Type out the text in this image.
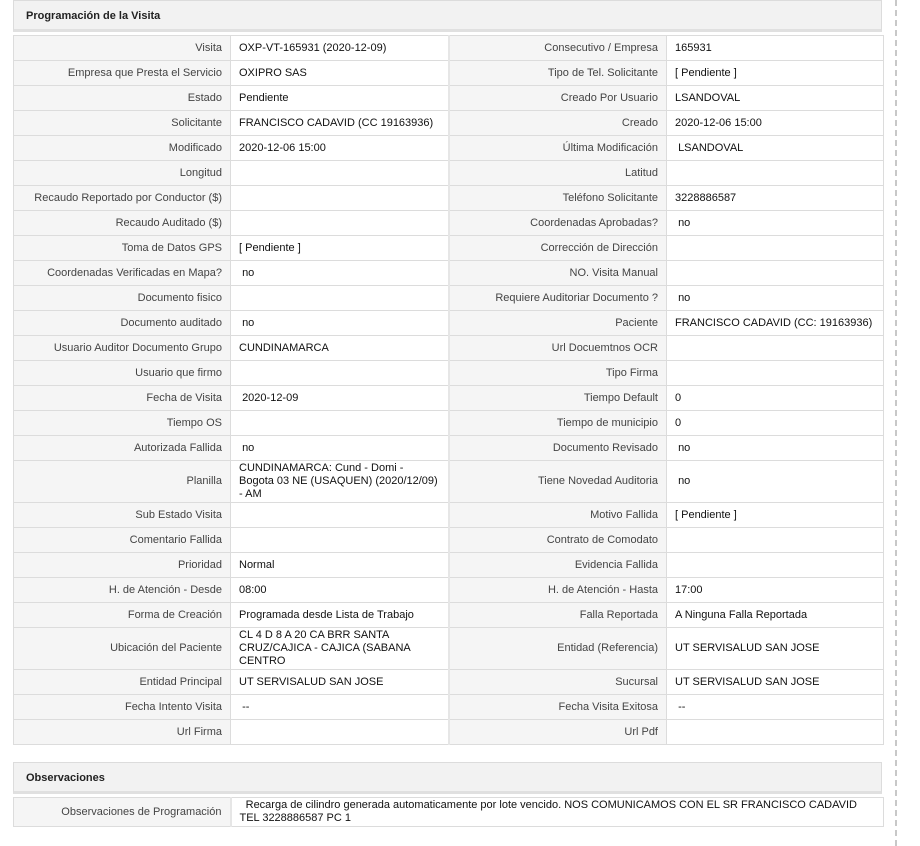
Programación de la Visita
Visita	OXP-VT-165931 (2020-12-09)	Consecutivo / Empresa	165931
Empresa que Presta el Servicio	OXIPRO SAS	Tipo de Tel. Solicitante	[ Pendiente ]
Estado	Pendiente	Creado Por Usuario	LSANDOVAL
Solicitante	FRANCISCO CADAVID (CC 19163936)	Creado	2020-12-06 15:00
Modificado	2020-12-06 15:00	Última Modificación	LSANDOVAL
Longitud		Latitud	
Recaudo Reportado por Conductor ($)		Teléfono Solicitante	3228886587
Recaudo Auditado ($)		Coordenadas Aprobadas?	no
Toma de Datos GPS	[ Pendiente ]	Corrección de Dirección	
Coordenadas Verificadas en Mapa?	no	NO. Visita Manual	
Documento fisico		Requiere Auditoriar Documento ?	no
Documento auditado	no	Paciente	FRANCISCO CADAVID (CC: 19163936)
Usuario Auditor Documento Grupo	CUNDINAMARCA	Url Docuemtnos OCR	
Usuario que firmo		Tipo Firma	
Fecha de Visita	2020-12-09	Tiempo Default	0
Tiempo OS		Tiempo de municipio	0
Autorizada Fallida	no	Documento Revisado	no
Planilla	CUNDINAMARCA: Cund - Domi - Bogota 03 NE (USAQUEN) (2020/12/09) - AM	Tiene Novedad Auditoria	no
Sub Estado Visita		Motivo Fallida	[ Pendiente ]
Comentario Fallida		Contrato de Comodato	
Prioridad	Normal	Evidencia Fallida	
H. de Atención - Desde	08:00	H. de Atención - Hasta	17:00
Forma de Creación	Programada desde Lista de Trabajo	Falla Reportada	A Ninguna Falla Reportada
Ubicación del Paciente	CL 4 D 8 A 20 CA BRR SANTA CRUZ/CAJICA - CAJICA (SABANA CENTRO	Entidad (Referencia)	UT SERVISALUD SAN JOSE
Entidad Principal	UT SERVISALUD SAN JOSE	Sucursal	UT SERVISALUD SAN JOSE
Fecha Intento Visita	--	Fecha Visita Exitosa	--
Url Firma		Url Pdf	
Observaciones
Observaciones de Programación	Recarga de cilindro generada automaticamente por lote vencido. NOS COMUNICAMOS CON EL SR FRANCISCO CADAVID TEL 3228886587 PC 1
